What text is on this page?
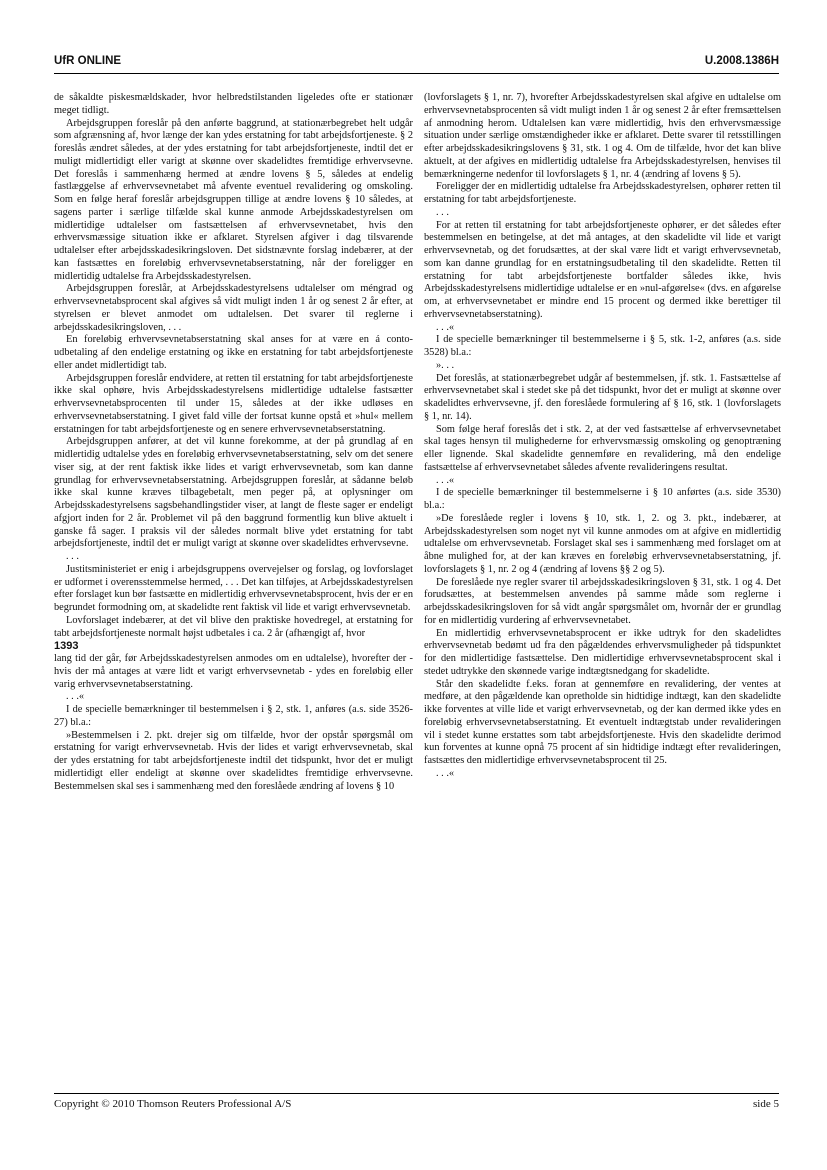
UfR ONLINE	U.2008.1386H

de såkaldte piskesmældskader, hvor helbredstilstanden ligeledes ofte er stationær meget tidligt.

Arbejdsgruppen foreslår på den anførte baggrund, at stationærbegrebet helt udgår som afgrænsning af, hvor længe der kan ydes erstatning for tabt arbejdsfortjeneste. § 2 foreslås ændret således, at der ydes erstatning for tabt arbejdsfortjeneste, indtil det er muligt midlertidigt eller varigt at skønne over skadelidtes fremtidige erhvervsevne. Det foreslås i sammenhæng hermed at ændre lovens § 5, således at endelig fastlæggelse af erhvervsevnetabet må afvente eventuel revalidering og omskoling. Som en følge heraf foreslår arbejdsgruppen tillige at ændre lovens § 10 således, at sagens parter i særlige tilfælde skal kunne anmode Arbejdsskadestyrelsen om midlertidige udtalelser om fastsættelsen af erhvervsevnetabet, hvis den erhvervsmæssige situation ikke er afklaret. Styrelsen afgiver i dag tilsvarende udtalelser efter arbejdsskadesikringsloven. Det sidstnævnte forslag indebærer, at der kan fastsættes en foreløbig erhvervsevnetabserstatning, når der foreligger en midlertidig udtalelse fra Arbejdsskadestyrelsen.

Arbejdsgruppen foreslår, at Arbejdsskadestyrelsens udtalelser om méngrad og erhvervsevnetabsprocent skal afgives så vidt muligt inden 1 år og senest 2 år efter, at styrelsen er blevet anmodet om udtalelsen. Det svarer til reglerne i arbejdsskadesikringsloven, . . .

En foreløbig erhvervsevnetabserstatning skal anses for at være en á conto-udbetaling af den endelige erstatning og ikke en erstatning for tabt arbejdsfortjeneste eller andet midlertidigt tab.

Arbejdsgruppen foreslår endvidere, at retten til erstatning for tabt arbejdsfortjeneste ikke skal ophøre, hvis Arbejdsskadestyrelsens midlertidige udtalelse fastsætter erhvervsevnetabsprocenten til under 15, således at der ikke udløses en erhvervsevnetabserstatning. I givet fald ville der fortsat kunne opstå et »hul« mellem erstatningen for tabt arbejdsfortjeneste og en senere erhvervsevnetabserstatning.

Arbejdsgruppen anfører, at det vil kunne forekomme, at der på grundlag af en midlertidig udtalelse ydes en foreløbig erhvervsevnetabserstatning, selv om det senere viser sig, at der rent faktisk ikke lides et varigt erhvervsevnetab, som kan danne grundlag for erhvervsevnetabserstatning. Arbejdsgruppen foreslår, at sådanne beløb ikke skal kunne kræves tilbagebetalt, men peger på, at oplysninger om Arbejdsskadestyrelsens sagsbehandlingstider viser, at langt de fleste sager er endeligt afgjort inden for 2 år. Problemet vil på den baggrund formentlig kun blive aktuelt i ganske få sager. I praksis vil der således normalt blive ydet erstatning for tabt arbejdsfortjeneste, indtil det er muligt varigt at skønne over skadelidtes erhvervsevne.

. . .

Justitsministeriet er enig i arbejdsgruppens overvejelser og forslag, og lovforslaget er udformet i overensstemmelse hermed, . . . Det kan tilføjes, at Arbejdsskadestyrelsen efter forslaget kun bør fastsætte en midlertidig erhvervsevnetabsprocent, hvis der er en begrundet formodning om, at skadelidte rent faktisk vil lide et varigt erhvervsevnetab.

Lovforslaget indebærer, at det vil blive den praktiske hovedregel, at erstatning for tabt arbejdsfortjeneste normalt højst udbetales i ca. 2 år (afhængigt af, hvor

1393

lang tid der går, før Arbejdsskadestyrelsen anmodes om en udtalelse), hvorefter der - hvis der må antages at være lidt et varigt erhvervsevnetab - ydes en foreløbig eller varig erhvervsevnetabserstatning.

. . .«

I de specielle bemærkninger til bestemmelsen i § 2, stk. 1, anføres (a.s. side 3526-27) bl.a.:

»Bestemmelsen i 2. pkt. drejer sig om tilfælde, hvor der opstår spørgsmål om erstatning for varigt erhvervsevnetab. Hvis der lides et varigt erhvervsevnetab, skal der ydes erstatning for tabt arbejdsfortjeneste indtil det tidspunkt, hvor det er muligt midlertidigt eller endeligt at skønne over skadelidtes fremtidige erhvervsevne. Bestemmelsen skal ses i sammenhæng med den foreslåede ændring af lovens § 10

(lovforslagets § 1, nr. 7), hvorefter Arbejdsskadestyrelsen skal afgive en udtalelse om erhvervsevnetabsprocenten så vidt muligt inden 1 år og senest 2 år efter fremsættelsen af anmodning herom. Udtalelsen kan være midlertidig, hvis den erhvervsmæssige situation under særlige omstændigheder ikke er afklaret. Dette svarer til retsstillingen efter arbejdsskadesikringslovens § 31, stk. 1 og 4. Om de tilfælde, hvor det kan blive aktuelt, at der afgives en midlertidig udtalelse fra Arbejdsskadestyrelsen, henvises til bemærkningerne nedenfor til lovforslagets § 1, nr. 4 (ændring af lovens § 5).

Foreligger der en midlertidig udtalelse fra Arbejdsskadestyrelsen, ophører retten til erstatning for tabt arbejdsfortjeneste.

. . .

For at retten til erstatning for tabt arbejdsfortjeneste ophører, er det således efter bestemmelsen en betingelse, at det må antages, at den skadelidte vil lide et varigt erhvervsevnetab, og det forudsættes, at der skal være lidt et varigt erhvervsevnetab, som kan danne grundlag for en erstatningsudbetaling til den skadelidte. Retten til erstatning for tabt arbejdsfortjeneste bortfalder således ikke, hvis Arbejdsskadestyrelsens midlertidige udtalelse er en »nul-afgørelse« (dvs. en afgørelse om, at erhvervsevnetabet er mindre end 15 procent og dermed ikke berettiger til erhvervsevnetabserstatning).

. . .«

I de specielle bemærkninger til bestemmelserne i § 5, stk. 1-2, anføres (a.s. side 3528) bl.a.:

». . .

Det foreslås, at stationærbegrebet udgår af bestemmelsen, jf. stk. 1. Fastsættelse af erhvervsevnetabet skal i stedet ske på det tidspunkt, hvor det er muligt at skønne over skadelidtes erhvervsevne, jf. den foreslåede formulering af § 16, stk. 1 (lovforslagets § 1, nr. 14).

Som følge heraf foreslås det i stk. 2, at der ved fastsættelse af erhvervsevnetabet skal tages hensyn til mulighederne for erhvervsmæssig omskoling og genoptræning eller lignende. Skal skadelidte gennemføre en revalidering, må den endelige fastsættelse af erhvervsevnetabet således afvente revalideringens resultat.

. . .«

I de specielle bemærkninger til bestemmelserne i § 10 anførtes (a.s. side 3530) bl.a.:

»De foreslåede regler i lovens § 10, stk. 1, 2. og 3. pkt., indebærer, at Arbejdsskadestyrelsen som noget nyt vil kunne anmodes om at afgive en midlertidig udtalelse om erhvervsevnetab. Forslaget skal ses i sammenhæng med forslaget om at åbne mulighed for, at der kan kræves en foreløbig erhvervsevnetabserstatning, jf. lovforslagets § 1, nr. 2 og 4 (ændring af lovens §§ 2 og 5).

De foreslåede nye regler svarer til arbejdsskadesikringsloven § 31, stk. 1 og 4. Det forudsættes, at bestemmelsen anvendes på samme måde som reglerne i arbejdsskadesikringsloven for så vidt angår spørgsmålet om, hvornår der er grundlag for en midlertidig vurdering af erhvervsevnetabet.

En midlertidig erhvervsevnetabsprocent er ikke udtryk for den skadelidtes erhvervsevnetab bedømt ud fra den pågældendes erhvervsmuligheder på tidspunktet for den midlertidige fastsættelse. Den midlertidige erhvervsevnetabsprocent skal i stedet udtrykke den skønnede varige indtægtsnedgang for skadelidte.

Står den skadelidte f.eks. foran at gennemføre en revalidering, der ventes at medføre, at den pågældende kan opretholde sin hidtidige indtægt, kan den skadelidte ikke forventes at ville lide et varigt erhvervsevnetab, og der kan dermed ikke ydes en foreløbig erhvervsevnetabserstatning. Et eventuelt indtægtstab under revalideringen vil i stedet kunne erstattes som tabt arbejdsfortjeneste. Hvis den skadelidte derimod kun forventes at kunne opnå 75 procent af sin hidtidige indtægt efter revalideringen, fastsættes den midlertidige erhvervsevnetabsprocent til 25.

. . .«

Copyright © 2010 Thomson Reuters Professional A/S	side 5
